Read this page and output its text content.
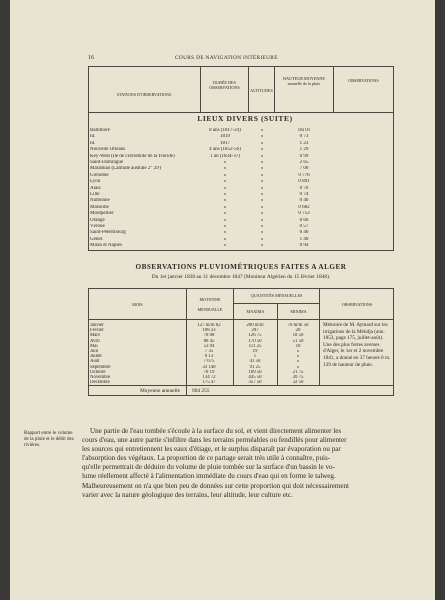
16	COURS DE NAVIGATION INTÉRIEURE
STATIONS D'OBSERVATIONS
DURÉE DES OBSERVATIONS
ALTITUDES
HAUTEUR MOYENNE annuelle de la pluie
OBSERVATIONS
LIEUX DIVERS (SUITE)
Baltimore	8 ans (1817-24)	»	1m 01
Id.	1819	»	0 73
Id.	1817	»	1 23
Nouvelle Orléans	4 ans (1852-56)	»	1 29
Key-West (Ile de l'extrémité de la Floride)	1 an (1834-37)	»	0 99
Saint-Domingue	»	»	2 65
Maranhao (Latitude australe 2° 29')	»	»	7 00
Grenoble	»	»	0 776
Lyon	»	»	0 891
Alais	»	»	0 76
Lille	»	»	0 74
Narbonne	»	»	0 46
Marseille	»	»	0 682
Montpellier	»	»	0 753
Orange	»	»	0 66
Vérone	»	»	0 57
Saint-Pétersbourg	»	»	0 40
Gênes	»	»	1 40
Milan et Naples	»	»	0 94
OBSERVATIONS PLUVIOMÉTRIQUES FAITES A ALGER
Du 1er janvier 1838 au 31 décembre 1847 (Moniteur Algérien du 15 février 1848).
MOIS
MOYENNE
MENSUELLE
QUANTITÉS MENSUELLES
MAXIMA	MINIMA
OBSERVATIONS
Janvier	127 m/m 82	200 m/m	70 m/m 50
Février	108 33	207	20
Mars	78 08	126 75	18 50
Avril	88 45	170 50	51 50
Mai	53 94	111 25	10
Juin	7 35	19	»
Juillet	0 13	1	»
Août	7 675	43 50	»
Septembre	33 140	91 25	»
Octobre	78 19	189 50	21 75
Novembre	134 72	445 50	20 75
Décembre	175 47	357 50	32 50
Mémoire de M. Aymard sur les irrigations de la Métidja (ann. 1853, page 175, juillet-août). Une des plus fortes averses d'Alger, le 1er et 2 novembre 1841, a donné en 37 heures 0 m. 139 de hauteur de pluie.
Moyenne annuelle 904 255
Rapport entre le volume de la pluie et le débit des rivières.
Une partie de l'eau tombée s'écoule à la surface du sol, et vient directement alimenter les
cours d'eau, une autre partie s'infiltre dans les terrains perméables ou fendillés pour alimenter
les sources qui entretiennent les eaux d'étiage, et le surplus disparaît par évaporation ou par
l'absorption des végétaux. La proportion de ce partage serait très utile à connaître, puis-
qu'elle permettrait de déduire du volume de pluie tombée sur la surface d'un bassin le vo-
lume réellement affecté à l'alimentation immédiate du cours d'eau qui en forme le talweg.
Malheureusement on n'a que bien peu de données sur cette proportion qui doit nécessairement
varier avec la nature géologique des terrains, leur altitude, leur culture etc.
